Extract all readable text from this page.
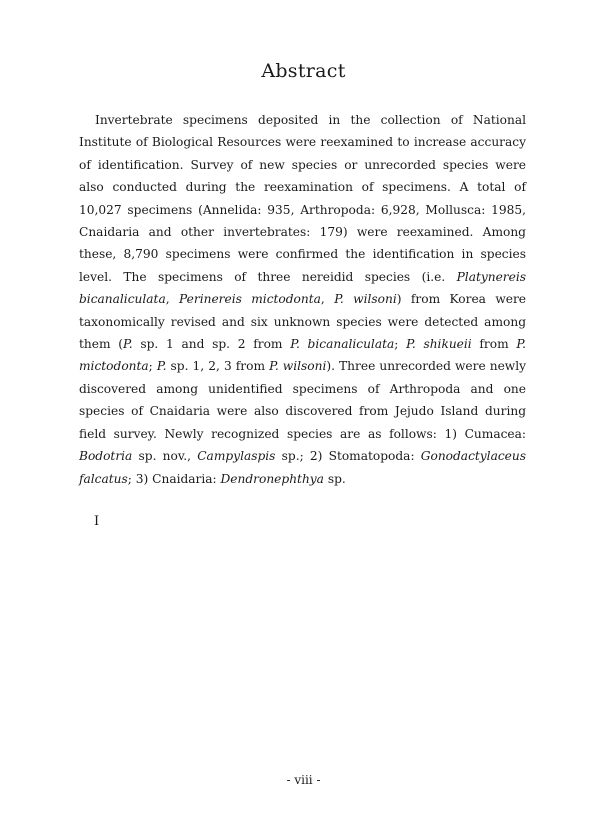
Abstract

Invertebrate specimens deposited in the collection of National Institute of Biological Resources were reexamined to increase accuracy of identification. Survey of new species or unrecorded species were also conducted during the reexamination of specimens. A total of 10,027 specimens (Annelida: 935, Arthropoda: 6,928, Mollusca: 1985, Cnaidaria and other invertebrates: 179) were reexamined. Among these, 8,790 specimens were confirmed the identification in species level. The specimens of three nereidid species (i.e. Platynereis bicanaliculata, Perinereis mictodonta, P. wilsoni) from Korea were taxonomically revised and six unknown species were detected among them (P. sp. 1 and sp. 2 from P. bicanaliculata; P. shikueii from P. mictodonta; P. sp. 1, 2, 3 from P. wilsoni). Three unrecorded were newly discovered among unidentified specimens of Arthropoda and one species of Cnaidaria were also discovered from Jejudo Island during field survey. Newly recognized species are as follows: 1) Cumacea: Bodotria sp. nov., Campylaspis sp.; 2) Stomatopoda: Gonodactylaceus falcatus; 3) Cnaidaria: Dendronephthya sp.

I
- viii -
